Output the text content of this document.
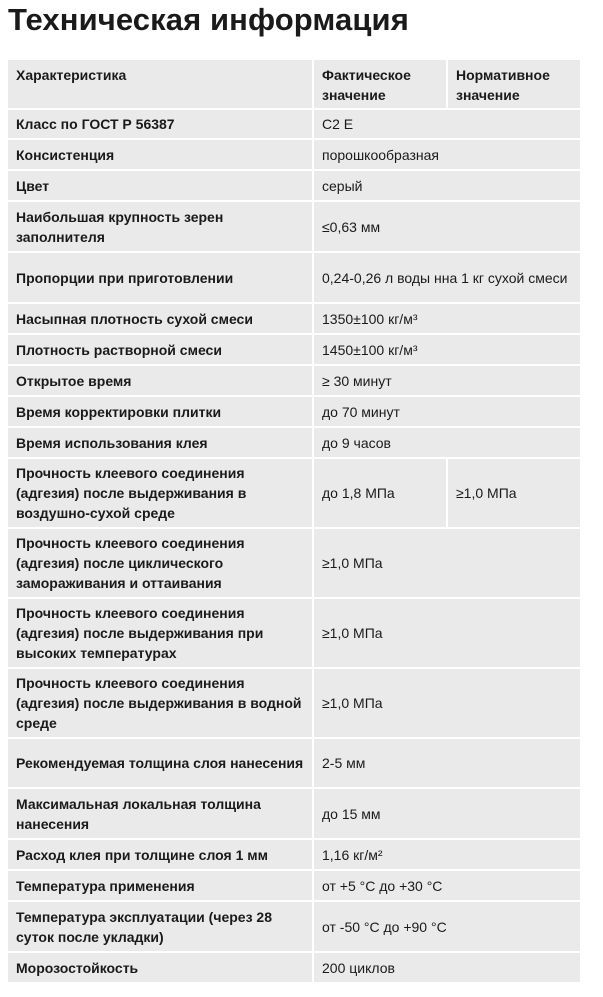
Техническая информация
Характеристика	Фактическое значение	Нормативное значение
Класс по ГОСТ Р 56387	C2 E	
Консистенция	порошкообразная	
Цвет	серый	
Наибольшая крупность зерен заполнителя	≤0,63 мм	
Пропорции при приготовлении	0,24-0,26 л воды нна 1 кг сухой смеси	
Насыпная плотность сухой смеси	1350±100 кг/м³	
Плотность растворной смеси	1450±100 кг/м³	
Открытое время	≥ 30 минут	
Время корректировки плитки	до 70 минут	
Время использования клея	до 9 часов	
Прочность клеевого соединения (адгезия) после выдерживания в воздушно-сухой среде	до 1,8 МПа	≥1,0 МПа
Прочность клеевого соединения (адгезия) после циклического замораживания и оттаивания	≥1,0 МПа	
Прочность клеевого соединения (адгезия) после выдерживания при высоких температурах	≥1,0 МПа	
Прочность клеевого соединения (адгезия) после выдерживания в водной среде	≥1,0 МПа	
Рекомендуемая толщина слоя нанесения	2-5 мм	
Максимальная локальная толщина нанесения	до 15 мм	
Расход клея при толщине слоя 1 мм	1,16 кг/м²	
Температура применения	от +5 °С до +30 °С	
Температура эксплуатации (через 28 суток после укладки)	от -50 °С до +90 °С	
Морозостойкость	200 циклов	
